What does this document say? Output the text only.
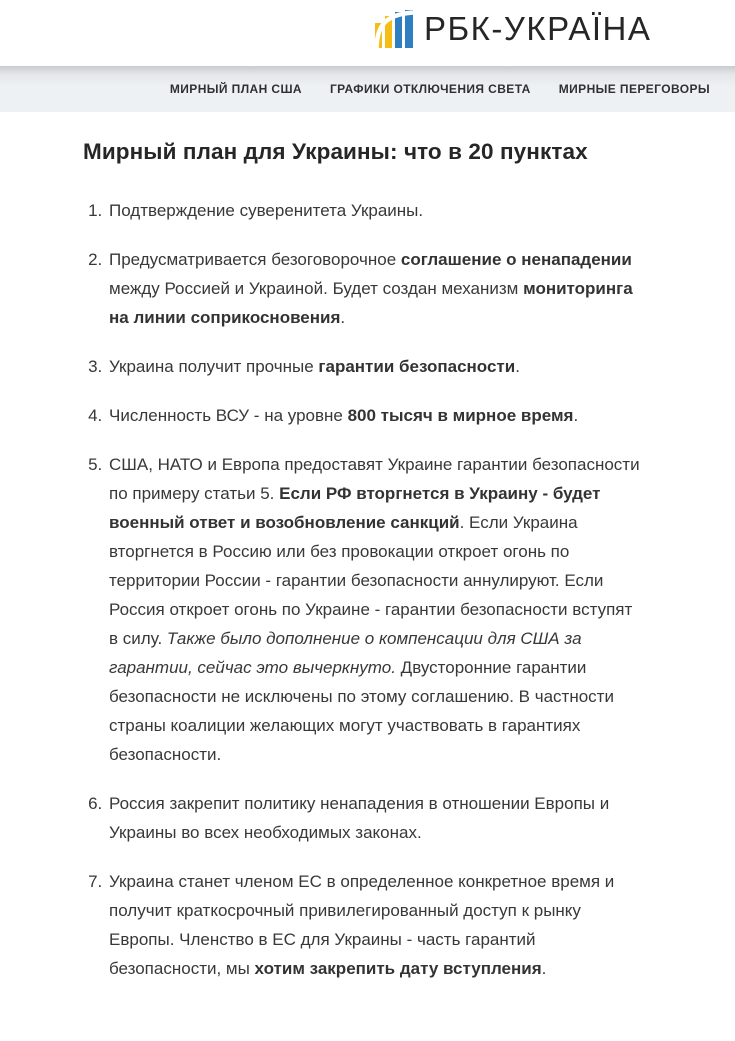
РБК-УКРАЇНА
МИРНЫЙ ПЛАН США ГРАФИКИ ОТКЛЮЧЕНИЯ СВЕТА МИРНЫЕ ПЕРЕГОВОРЫ
Мирный план для Украины: что в 20 пунктах
1. Подтверждение суверенитета Украины.
2. Предусматривается безоговорочное соглашение о ненападении между Россией и Украиной. Будет создан механизм мониторинга на линии соприкосновения.
3. Украина получит прочные гарантии безопасности.
4. Численность ВСУ - на уровне 800 тысяч в мирное время.
5. США, НАТО и Европа предоставят Украине гарантии безопасности по примеру статьи 5. Если РФ вторгнется в Украину - будет военный ответ и возобновление санкций. Если Украина вторгнется в Россию или без провокации откроет огонь по территории России - гарантии безопасности аннулируют. Если Россия откроет огонь по Украине - гарантии безопасности вступят в силу. Также было дополнение о компенсации для США за гарантии, сейчас это вычеркнуто. Двусторонние гарантии безопасности не исключены по этому соглашению. В частности страны коалиции желающих могут участвовать в гарантиях безопасности.
6. Россия закрепит политику ненападения в отношении Европы и Украины во всех необходимых законах.
7. Украина станет членом ЕС в определенное конкретное время и получит краткосрочный привилегированный доступ к рынку Европы. Членство в ЕС для Украины - часть гарантий безопасности, мы хотим закрепить дату вступления.
